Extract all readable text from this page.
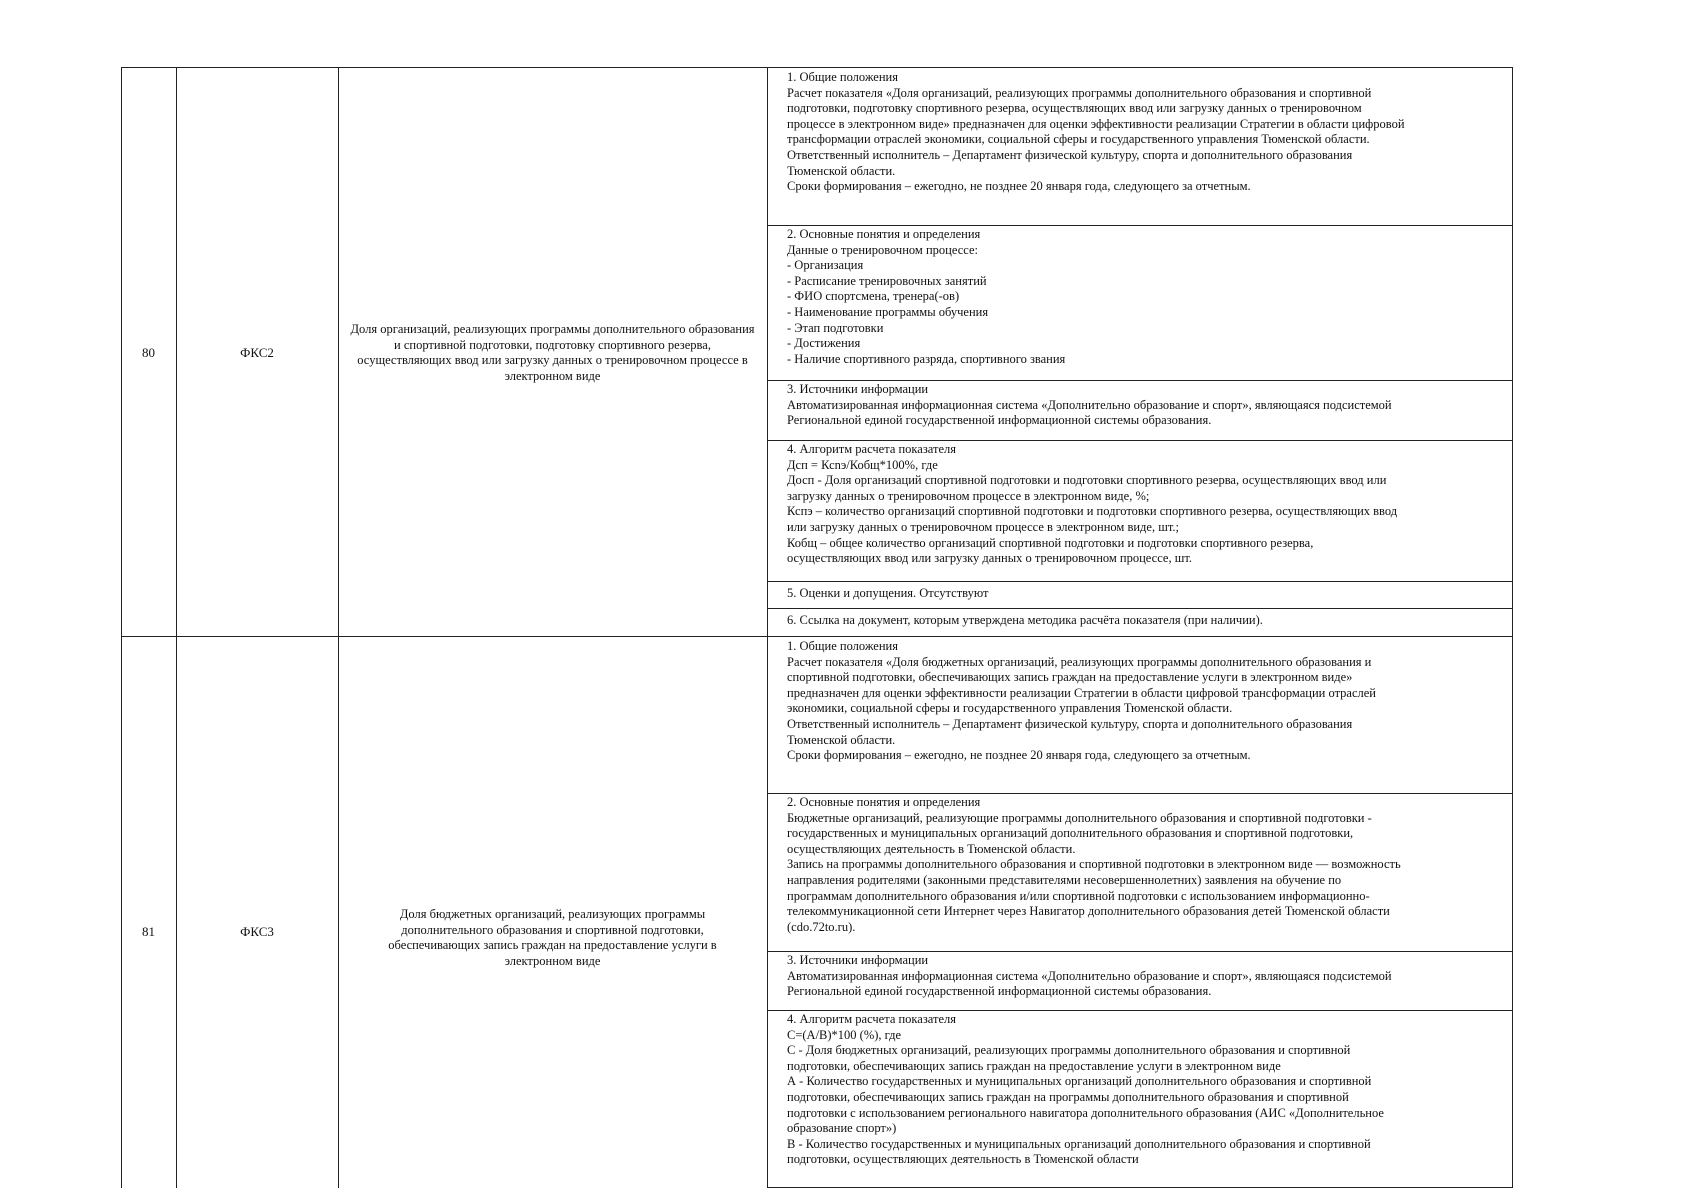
80	ФКС2
Доля организаций, реализующих программы дополнительного образования и спортивной подготовки, подготовку спортивного резерва, осуществляющих ввод или загрузку данных о тренировочном процессе в электронном виде
1. Общие положения
Расчет показателя «Доля организаций, реализующих программы дополнительного образования и спортивной
подготовки, подготовку спортивного резерва, осуществляющих ввод или загрузку данных о тренировочном
процессе в электронном виде» предназначен для оценки эффективности реализации Стратегии в области цифровой
трансформации отраслей экономики, социальной сферы и государственного управления Тюменской области.
Ответственный исполнитель – Департамент физической культуру, спорта и дополнительного образования
Тюменской области.
Сроки формирования – ежегодно, не позднее 20 января года, следующего за отчетным.
2. Основные понятия и определения
Данные о тренировочном процессе:
- Организация
- Расписание тренировочных занятий
- ФИО спортсмена, тренера(-ов)
- Наименование программы обучения
- Этап подготовки
- Достижения
- Наличие спортивного разряда, спортивного звания
3. Источники информации
Автоматизированная информационная система «Дополнительно образование и спорт», являющаяся подсистемой
Региональной единой государственной информационной системы образования.
4. Алгоритм расчета показателя
Дсп = Ксnэ/Кобщ*100%, где
Досп - Доля организаций спортивной подготовки и подготовки спортивного резерва, осуществляющих ввод или
загрузку данных о тренировочном процессе в электронном виде, %;
Кспэ – количество организаций спортивной подготовки и подготовки спортивного резерва, осуществляющих ввод
или загрузку данных о тренировочном процессе в электронном виде, шт.;
Кобщ – общее количество организаций спортивной подготовки и подготовки спортивного резерва,
осуществляющих ввод или загрузку данных о тренировочном процессе, шт.
5. Оценки и допущения. Отсутствуют
6. Ссылка на документ, которым утверждена методика расчёта показателя (при наличии).
81	ФКС3
Доля бюджетных организаций, реализующих программы дополнительного образования и спортивной подготовки, обеспечивающих запись граждан на предоставление услуги в электронном виде
1. Общие положения
Расчет показателя «Доля бюджетных организаций, реализующих программы дополнительного образования и
спортивной подготовки, обеспечивающих запись граждан на предоставление услуги в электронном виде»
предназначен для оценки эффективности реализации Стратегии в области цифровой трансформации отраслей
экономики, социальной сферы и государственного управления Тюменской области.
Ответственный исполнитель – Департамент физической культуру, спорта и дополнительного образования
Тюменской области.
Сроки формирования – ежегодно, не позднее 20 января года, следующего за отчетным.
2. Основные понятия и определения
Бюджетные организаций, реализующие программы дополнительного образования и спортивной подготовки -
государственных и муниципальных организаций дополнительного образования и спортивной подготовки,
осуществляющих деятельность в Тюменской области.
Запись на программы дополнительного образования и спортивной подготовки в электронном виде — возможность
направления родителями (законными представителями несовершеннолетних) заявления на обучение по
программам дополнительного образования и/или спортивной подготовки с использованием информационно-
телекоммуникационной сети Интернет через Навигатор дополнительного образования детей Тюменской области
(cdo.72to.ru).
3. Источники информации
Автоматизированная информационная система «Дополнительно образование и спорт», являющаяся подсистемой
Региональной единой государственной информационной системы образования.
4. Алгоритм расчета показателя
С=(А/В)*100 (%), где
С - Доля бюджетных организаций, реализующих программы дополнительного образования и спортивной
подготовки, обеспечивающих запись граждан на предоставление услуги в электронном виде
А - Количество государственных и муниципальных организаций дополнительного образования и спортивной
подготовки, обеспечивающих запись граждан на программы дополнительного образования и спортивной
подготовки с использованием регионального навигатора дополнительного образования (АИС «Дополнительное
образование спорт»)
В - Количество государственных и муниципальных организаций дополнительного образования и спортивной
подготовки, осуществляющих деятельность в Тюменской области
